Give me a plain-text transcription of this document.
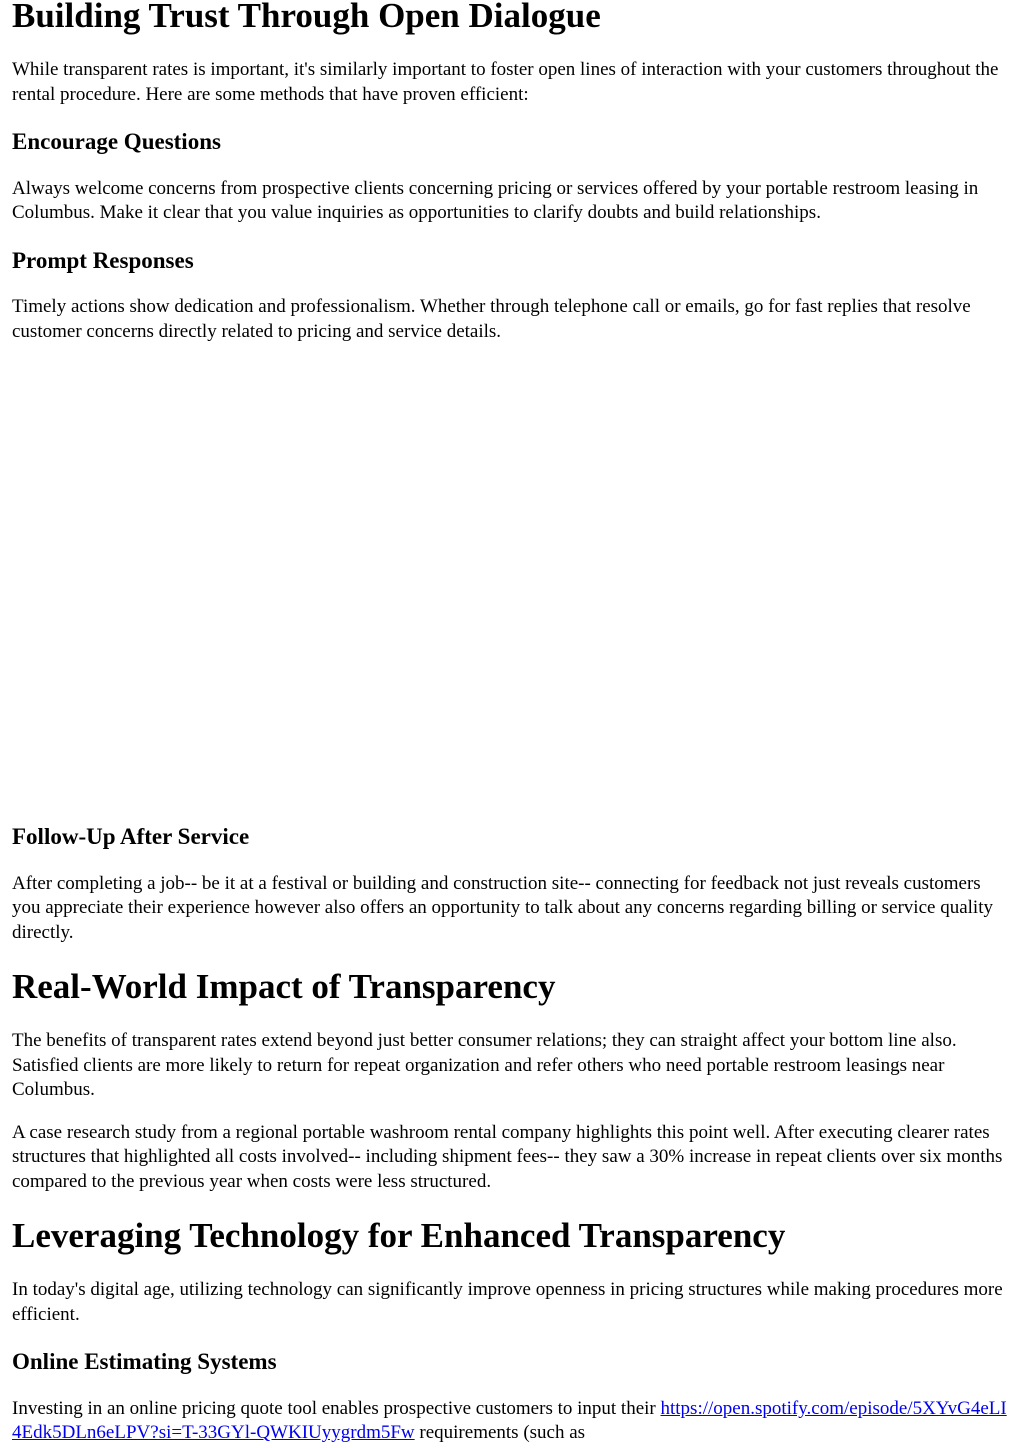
Building Trust Through Open Dialogue

While transparent rates is important, it's similarly important to foster open lines of interaction with your customers throughout the rental procedure. Here are some methods that have proven efficient:

Encourage Questions

Always welcome concerns from prospective clients concerning pricing or services offered by your portable restroom leasing in Columbus. Make it clear that you value inquiries as opportunities to clarify doubts and build relationships.

Prompt Responses

Timely actions show dedication and professionalism. Whether through telephone call or emails, go for fast replies that resolve customer concerns directly related to pricing and service details.

Follow-Up After Service

After completing a job-- be it at a festival or building and construction site-- connecting for feedback not just reveals customers you appreciate their experience however also offers an opportunity to talk about any concerns regarding billing or service quality directly.

Real-World Impact of Transparency

The benefits of transparent rates extend beyond just better consumer relations; they can straight affect your bottom line also. Satisfied clients are more likely to return for repeat organization and refer others who need portable restroom leasings near Columbus.

A case research study from a regional portable washroom rental company highlights this point well. After executing clearer rates structures that highlighted all costs involved-- including shipment fees-- they saw a 30% increase in repeat clients over six months compared to the previous year when costs were less structured.

Leveraging Technology for Enhanced Transparency

In today's digital age, utilizing technology can significantly improve openness in pricing structures while making procedures more efficient.

Online Estimating Systems

Investing in an online pricing quote tool enables prospective customers to input their https://open.spotify.com/episode/5XYvG4eLI4Edk5DLn6eLPV?si=T-33GYl-QWKIUyygrdm5Fw requirements (such as
